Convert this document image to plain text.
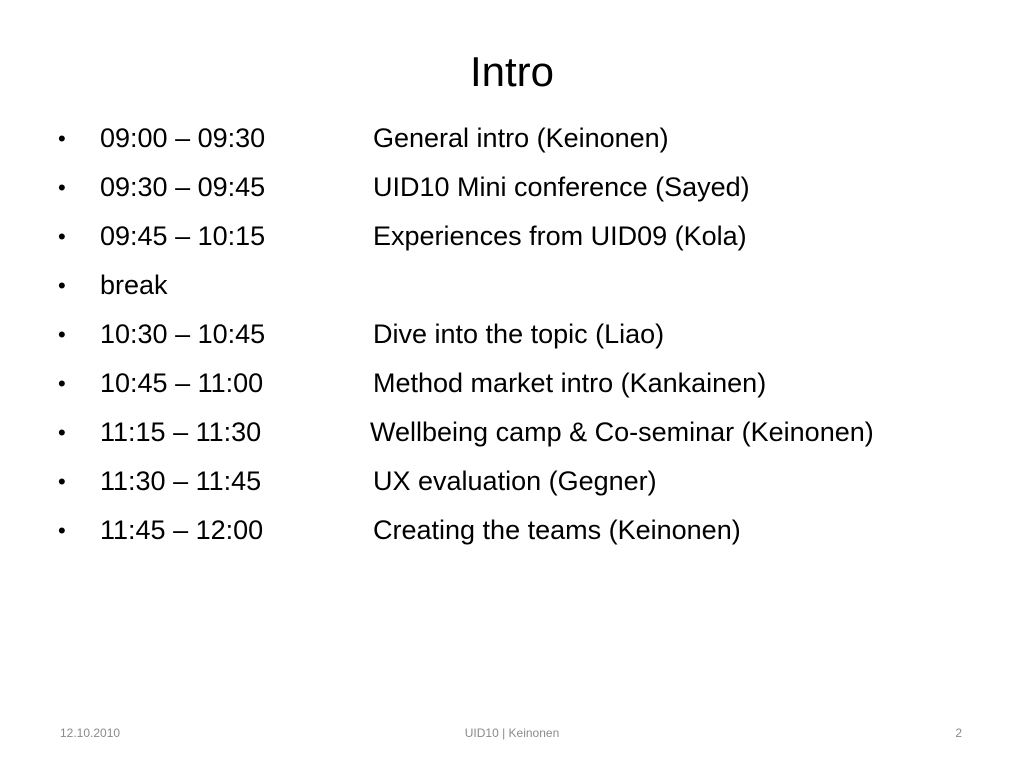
Intro
•	09:00 – 09:30	General intro (Keinonen)
•	09:30 – 09:45	UID10 Mini conference (Sayed)
•	09:45 – 10:15	Experiences from UID09 (Kola)
•	break
•	10:30 – 10:45	Dive into the topic (Liao)
•	10:45 – 11:00	Method market intro (Kankainen)
•	11:15 – 11:30	Wellbeing camp & Co-seminar (Keinonen)
•	11:30 – 11:45	UX evaluation (Gegner)
•	11:45 – 12:00	Creating the teams (Keinonen)
12.10.2010	UID10 | Keinonen	2
